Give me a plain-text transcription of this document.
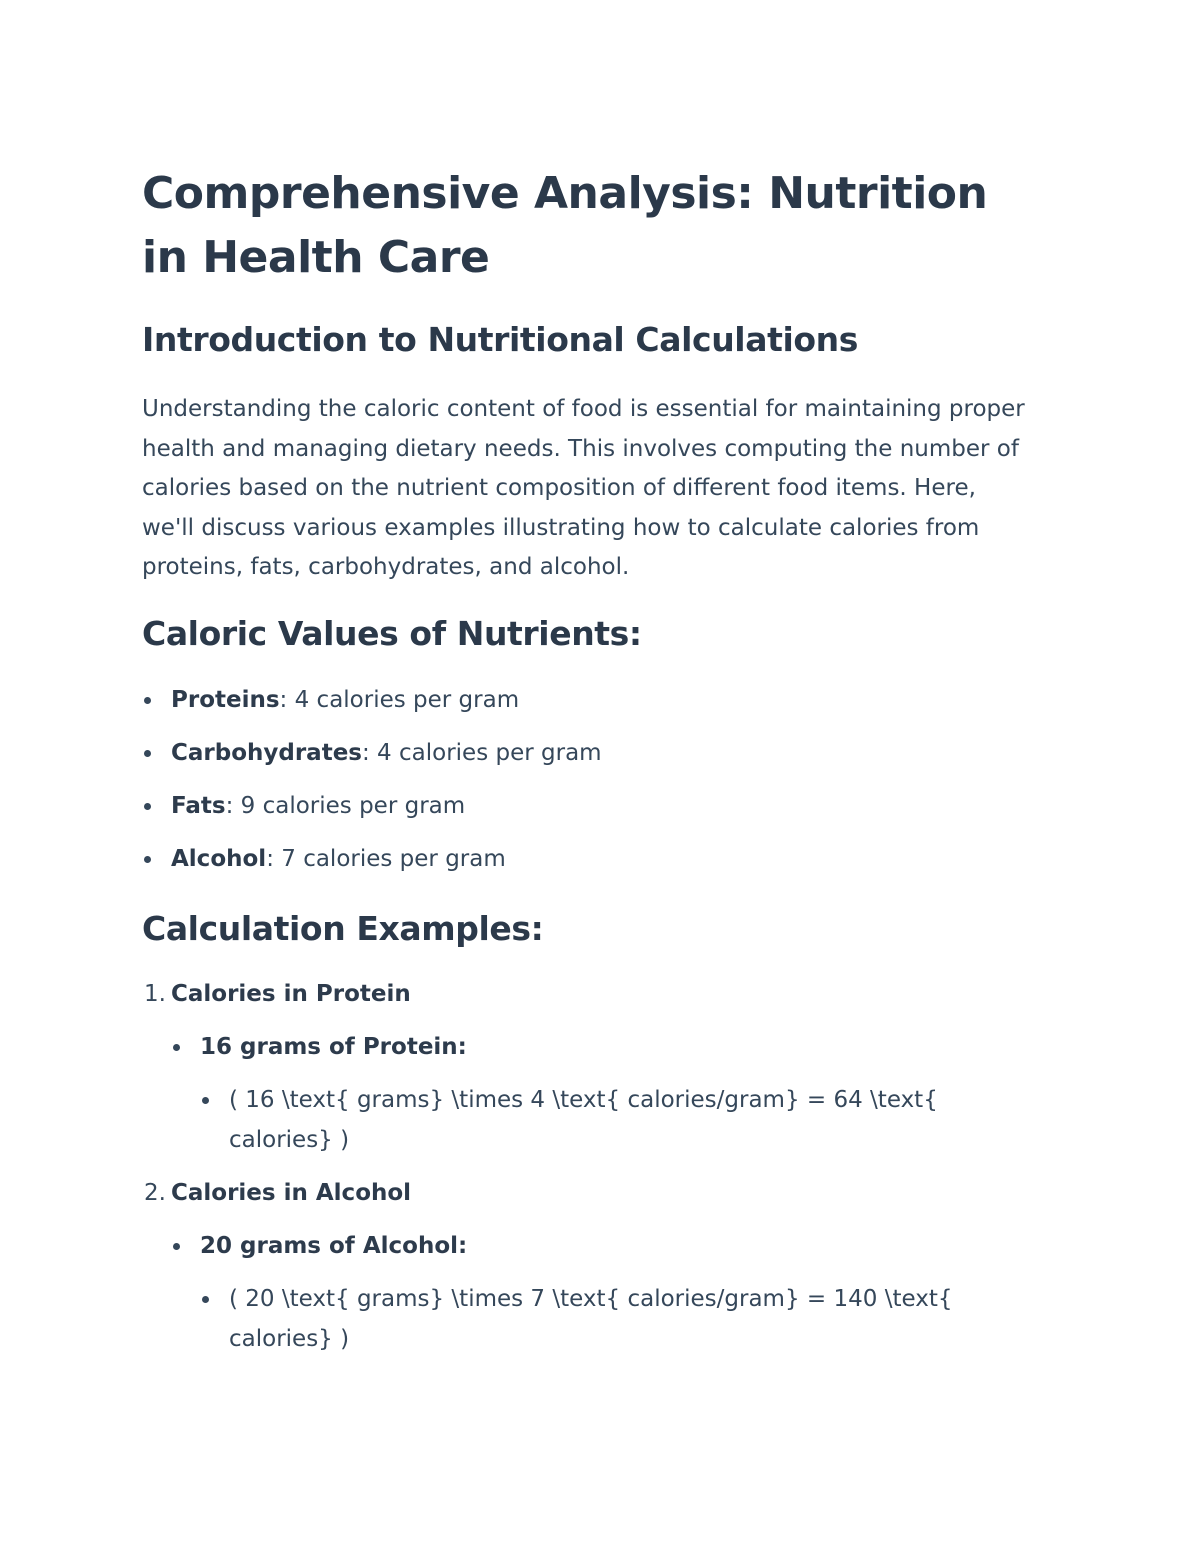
Comprehensive Analysis: Nutrition in Health Care
Introduction to Nutritional Calculations

Understanding the caloric content of food is essential for maintaining proper health and managing dietary needs. This involves computing the number of calories based on the nutrient composition of different food items. Here, we'll discuss various examples illustrating how to calculate calories from proteins, fats, carbohydrates, and alcohol.

Caloric Values of Nutrients:
Proteins: 4 calories per gram
Carbohydrates: 4 calories per gram
Fats: 9 calories per gram
Alcohol: 7 calories per gram
Calculation Examples:
1. Calories in Protein
16 grams of Protein:
( 16 \text{ grams} \times 4 \text{ calories/gram} = 64 \text{ calories} )
2. Calories in Alcohol
20 grams of Alcohol:
( 20 \text{ grams} \times 7 \text{ calories/gram} = 140 \text{ calories} )
